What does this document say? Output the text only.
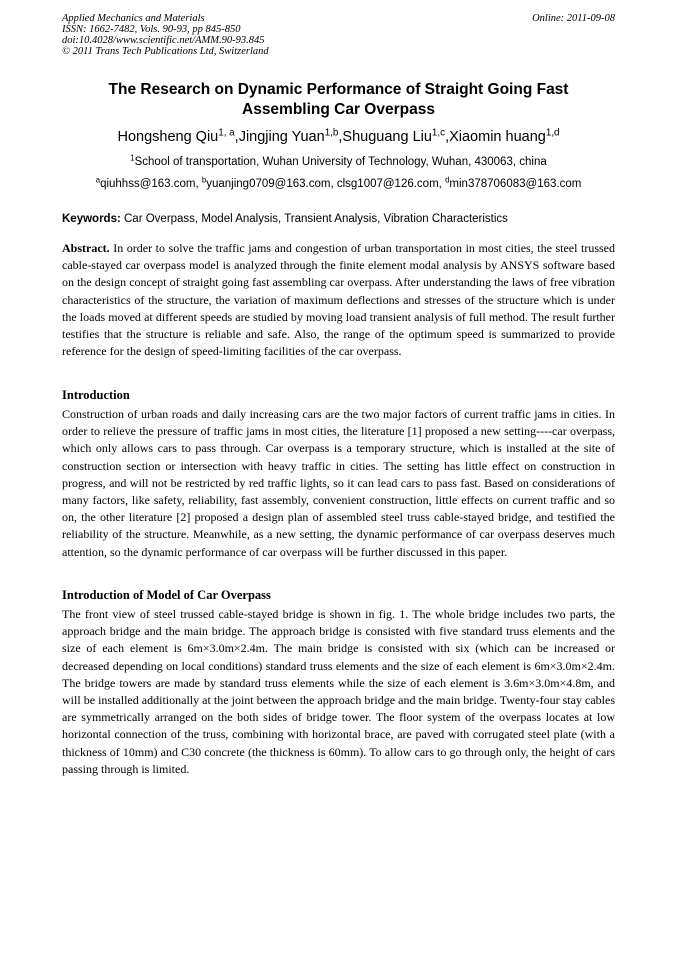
Applied Mechanics and Materials
ISSN: 1662-7482, Vols. 90-93, pp 845-850
doi:10.4028/www.scientific.net/AMM.90-93.845
© 2011 Trans Tech Publications Ltd, Switzerland
Online: 2011-09-08
The Research on Dynamic Performance of Straight Going Fast
Assembling Car Overpass
Hongsheng Qiu$^{1, a}$,Jingjing Yuan$^{1,b}$,Shuguang Liu$^{1,c}$,Xiaomin huang$^{1,d}$
$^1$School of transportation, Wuhan University of Technology, Wuhan, 430063, china
$^a$qiuhhss@163.com, $^b$yuanjing0709@163.com, clsg1007@126.com, $^d$min378706083@163.com
Keywords: Car Overpass, Model Analysis, Transient Analysis, Vibration Characteristics
Abstract. In order to solve the traffic jams and congestion of urban transportation in most cities, the steel trussed cable-stayed car overpass model is analyzed through the finite element modal analysis by ANSYS software based on the design concept of straight going fast assembling car overpass. After understanding the laws of free vibration characteristics of the structure, the variation of maximum deflections and stresses of the structure which is under the loads moved at different speeds are studied by moving load transient analysis of full method. The result further testifies that the structure is reliable and safe. Also, the range of the optimum speed is summarized to provide reference for the design of speed-limiting facilities of the car overpass.
Introduction
Construction of urban roads and daily increasing cars are the two major factors of current traffic jams in cities. In order to relieve the pressure of traffic jams in most cities, the literature [1] proposed a new setting----car overpass, which only allows cars to pass through. Car overpass is a temporary structure, which is installed at the site of construction section or intersection with heavy traffic in cities. The setting has little effect on construction in progress, and will not be restricted by red traffic lights, so it can lead cars to pass fast. Based on considerations of many factors, like safety, reliability, fast assembly, convenient construction, little effects on current traffic and so on, the other literature [2] proposed a design plan of assembled steel truss cable-stayed bridge, and testified the reliability of the structure. Meanwhile, as a new setting, the dynamic performance of car overpass deserves much attention, so the dynamic performance of car overpass will be further discussed in this paper.
Introduction of Model of Car Overpass
The front view of steel trussed cable-stayed bridge is shown in fig. 1. The whole bridge includes two parts, the approach bridge and the main bridge. The approach bridge is consisted with five standard truss elements and the size of each element is 6m×3.0m×2.4m. The main bridge is consisted with six (which can be increased or decreased depending on local conditions) standard truss elements and the size of each element is 6m×3.0m×2.4m. The bridge towers are made by standard truss elements while the size of each element is 3.6m×3.0m×4.8m, and will be installed additionally at the joint between the approach bridge and the main bridge. Twenty-four stay cables are symmetrically arranged on the both sides of bridge tower. The floor system of the overpass locates at low horizontal connection of the truss, combining with horizontal brace, are paved with corrugated steel plate (with a thickness of 10mm) and C30 concrete (the thickness is 60mm). To allow cars to go through only, the height of cars passing through is limited.
